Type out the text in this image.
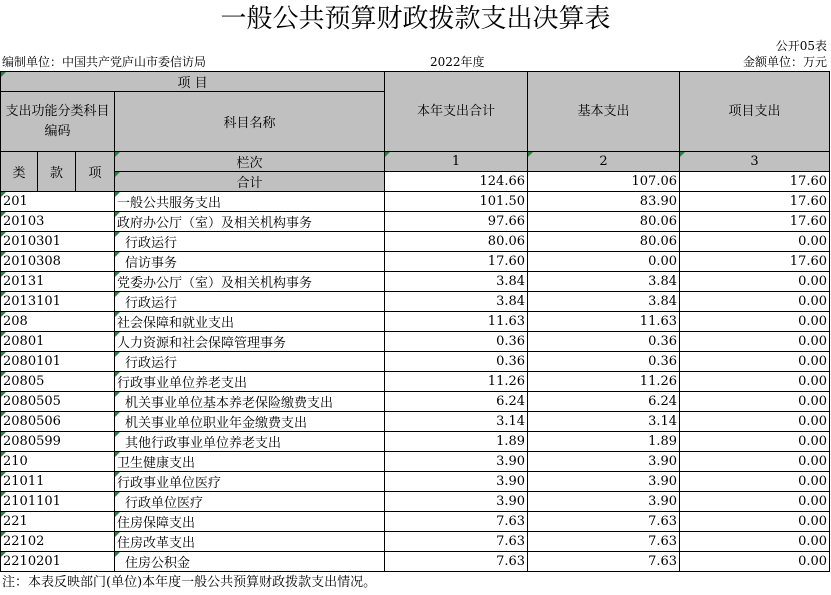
一般公共预算财政拨款支出决算表
公开05表
编制单位：中国共产党庐山市委信访局	2022年度	金额单位：万元
项 目				本年支出合计	基本支出	项目支出
支出功能分类科目编码			科目名称			

类	款	项	栏次	1	2	3
			合计	124.66	107.06	17.60
201			一般公共服务支出	101.50	83.90	17.60
20103			政府办公厅（室）及相关机构事务	97.66	80.06	17.60
2010301			行政运行	80.06	80.06	0.00
2010308			信访事务	17.60	0.00	17.60
20131			党委办公厅（室）及相关机构事务	3.84	3.84	0.00
2013101			行政运行	3.84	3.84	0.00
208			社会保障和就业支出	11.63	11.63	0.00
20801			人力资源和社会保障管理事务	0.36	0.36	0.00
2080101			行政运行	0.36	0.36	0.00
20805			行政事业单位养老支出	11.26	11.26	0.00
2080505			机关事业单位基本养老保险缴费支出	6.24	6.24	0.00
2080506			机关事业单位职业年金缴费支出	3.14	3.14	0.00
2080599			其他行政事业单位养老支出	1.89	1.89	0.00
210			卫生健康支出	3.90	3.90	0.00
21011			行政事业单位医疗	3.90	3.90	0.00
2101101			行政单位医疗	3.90	3.90	0.00
221			住房保障支出	7.63	7.63	0.00
22102			住房改革支出	7.63	7.63	0.00
2210201			住房公积金	7.63	7.63	0.00
注：本表反映部门(单位)本年度一般公共预算财政拨款支出情况。
